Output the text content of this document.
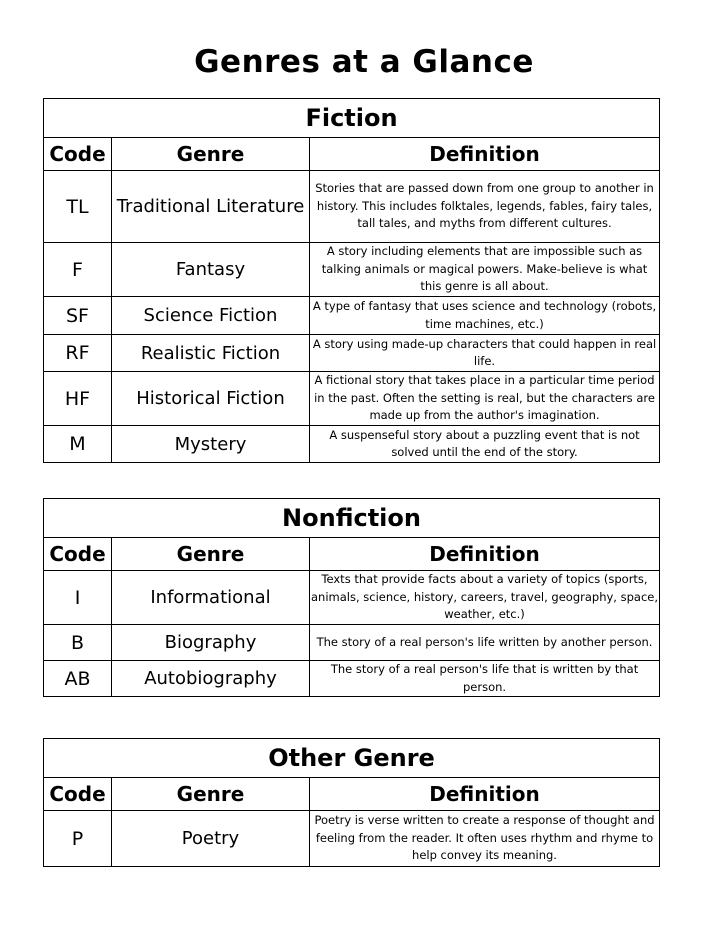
Genres at a Glance
Fiction		
Code	Genre	Definition
TL	Traditional Literature	Stories that are passed down from one group to another in history. This includes folktales, legends, fables, fairy tales, tall tales, and myths from different cultures.
F	Fantasy	A story including elements that are impossible such as talking animals or magical powers. Make-believe is what this genre is all about.
SF	Science Fiction	A type of fantasy that uses science and technology (robots, time machines, etc.)
RF	Realistic Fiction	A story using made-up characters that could happen in real life.
HF	Historical Fiction	A fictional story that takes place in a particular time period in the past. Often the setting is real, but the characters are made up from the author's imagination.
M	Mystery	A suspenseful story about a puzzling event that is not solved until the end of the story.
Nonfiction		
Code	Genre	Definition
I	Informational	Texts that provide facts about a variety of topics (sports, animals, science, history, careers, travel, geography, space, weather, etc.)
B	Biography	The story of a real person's life written by another person.
AB	Autobiography	The story of a real person's life that is written by that person.
Other Genre		
Code	Genre	Definition
P	Poetry	Poetry is verse written to create a response of thought and feeling from the reader. It often uses rhythm and rhyme to help convey its meaning.
